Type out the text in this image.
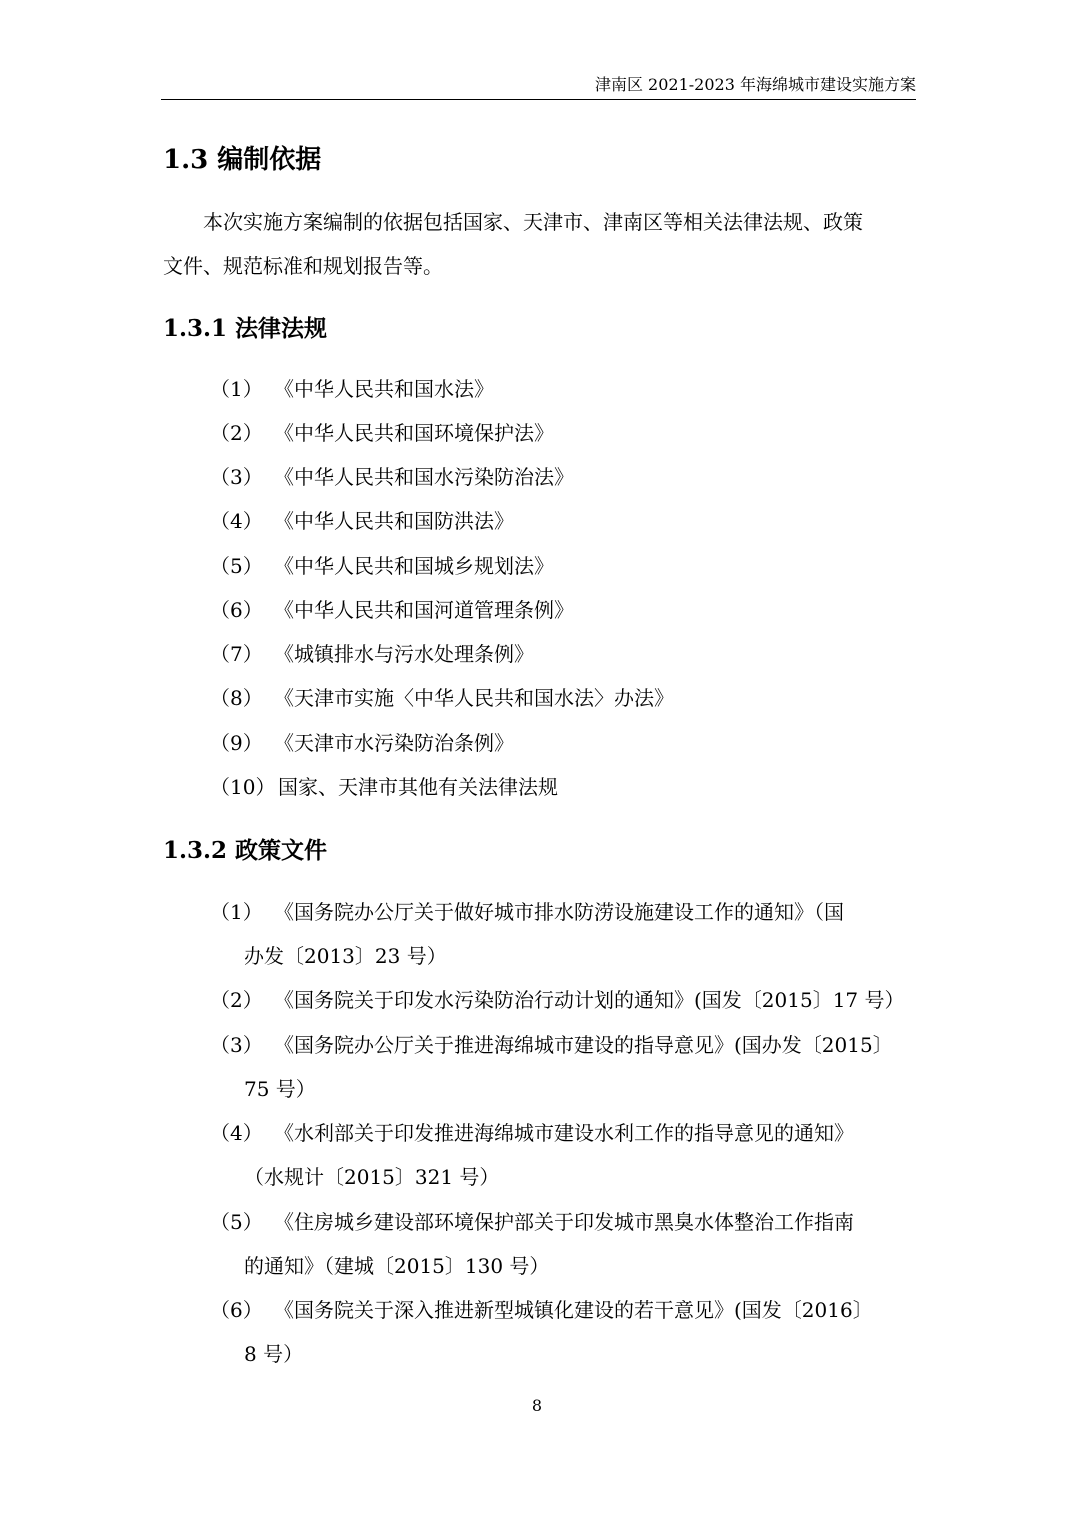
津南区 2021-2023 年海绵城市建设实施方案
1.3 编制依据
本次实施方案编制的依据包括国家、天津市、津南区等相关法律法规、政策
文件、规范标准和规划报告等。
1.3.1 法律法规
（1） 《中华人民共和国水法》
（2） 《中华人民共和国环境保护法》
（3） 《中华人民共和国水污染防治法》
（4） 《中华人民共和国防洪法》
（5） 《中华人民共和国城乡规划法》
（6） 《中华人民共和国河道管理条例》
（7） 《城镇排水与污水处理条例》
（8） 《天津市实施〈中华人民共和国水法〉办法》
（9） 《天津市水污染防治条例》
（10） 国家、天津市其他有关法律法规
1.3.2 政策文件
（1） 《国务院办公厅关于做好城市排水防涝设施建设工作的通知》（国
办发〔2013〕23 号）
（2） 《国务院关于印发水污染防治行动计划的通知》(国发〔2015〕17 号）
（3） 《国务院办公厅关于推进海绵城市建设的指导意见》(国办发〔2015〕
75 号）
（4） 《水利部关于印发推进海绵城市建设水利工作的指导意见的通知》
（水规计〔2015〕321 号）
（5） 《住房城乡建设部环境保护部关于印发城市黑臭水体整治工作指南
的通知》（建城〔2015〕130 号）
（6） 《国务院关于深入推进新型城镇化建设的若干意见》(国发〔2016〕
8 号）
8
